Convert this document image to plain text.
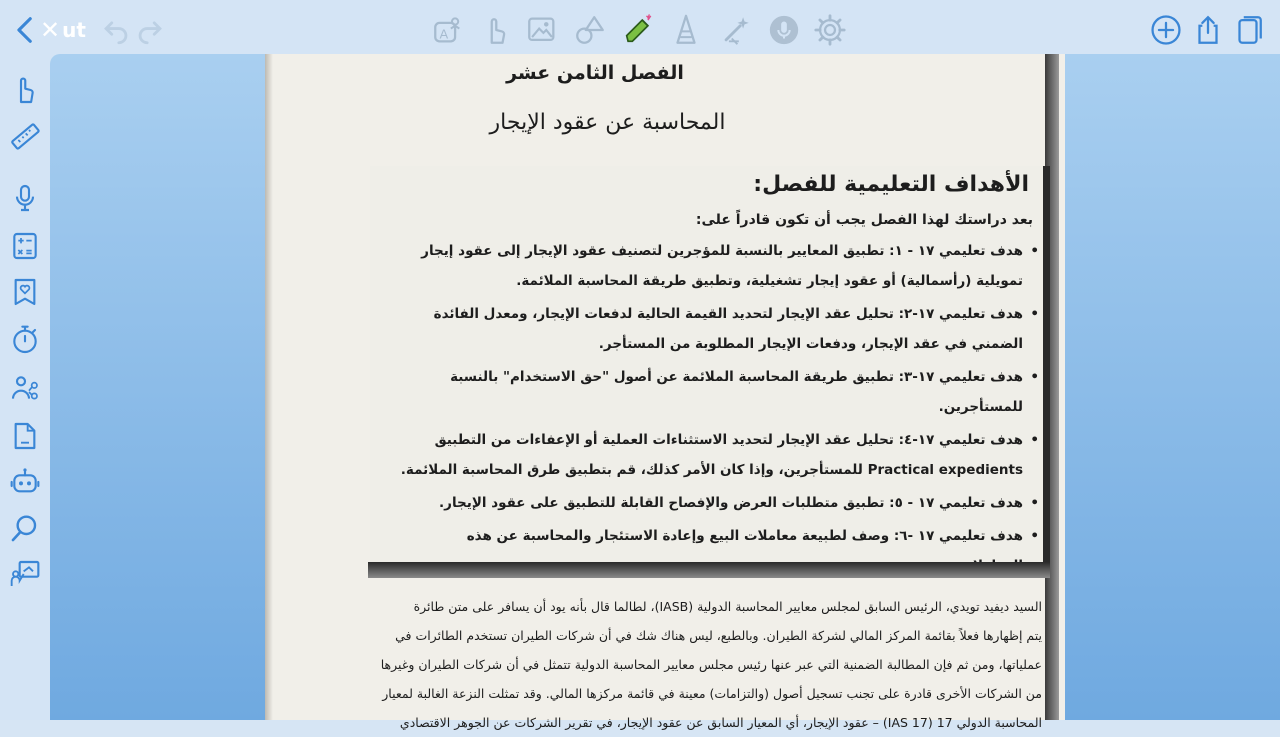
✕ ut	A
الفصل الثامن عشر
المحاسبة عن عقود الإيجار
الأهداف التعليمية للفصل:
بعد دراستك لهذا الفصل يجب أن تكون قادراً على:
• هدف تعليمي ١٧ - ١: تطبيق المعايير بالنسبة للمؤجرين لتصنيف عقود الإيجار إلى عقود إيجار تمويلية (رأسمالية) أو عقود إيجار تشغيلية، وتطبيق طريقة المحاسبة الملائمة.
• هدف تعليمي ١٧-٢: تحليل عقد الإيجار لتحديد القيمة الحالية لدفعات الإيجار، ومعدل الفائدة الضمني في عقد الإيجار، ودفعات الإيجار المطلوبة من المستأجر.
• هدف تعليمي ١٧-٣: تطبيق طريقة المحاسبة الملائمة عن أصول "حق الاستخدام" بالنسبة للمستأجرين.
• هدف تعليمي ١٧-٤: تحليل عقد الإيجار لتحديد الاستثناءات العملية أو الإعفاءات من التطبيق Practical expedients للمستأجرين، وإذا كان الأمر كذلك، قم بتطبيق طرق المحاسبة الملائمة.
• هدف تعليمي ١٧ - ٥: تطبيق متطلبات العرض والإفصاح القابلة للتطبيق على عقود الإيجار.
• هدف تعليمي ١٧ -٦: وصف لطبيعة معاملات البيع وإعادة الاستئجار والمحاسبة عن هذه

السيد ديفيد تويدي، الرئيس السابق لمجلس معايير المحاسبة الدولية (IASB)، لطالما قال بأنه يود أن يسافر على متن طائرة

يتم إظهارها فعلاً بقائمة المركز المالي لشركة الطيران. وبالطبع، ليس هناك شك في أن شركات الطيران تستخدم الطائرات في

عملياتها، ومن ثم فإن المطالبة الضمنية التي عبر عنها رئيس مجلس معايير المحاسبة الدولية تتمثل في أن شركات الطيران وغيرها

من الشركات الأخرى قادرة على تجنب تسجيل أصول (والتزامات) معينة في قائمة مركزها المالي. وقد تمثلت النزعة الغالبة لمعيار

المحاسبة الدولي 17 (IAS 17) – عقود الإيجار، أي المعيار السابق عن عقود الإيجار، في تقرير الشركات عن الجوهر الاقتصادي
